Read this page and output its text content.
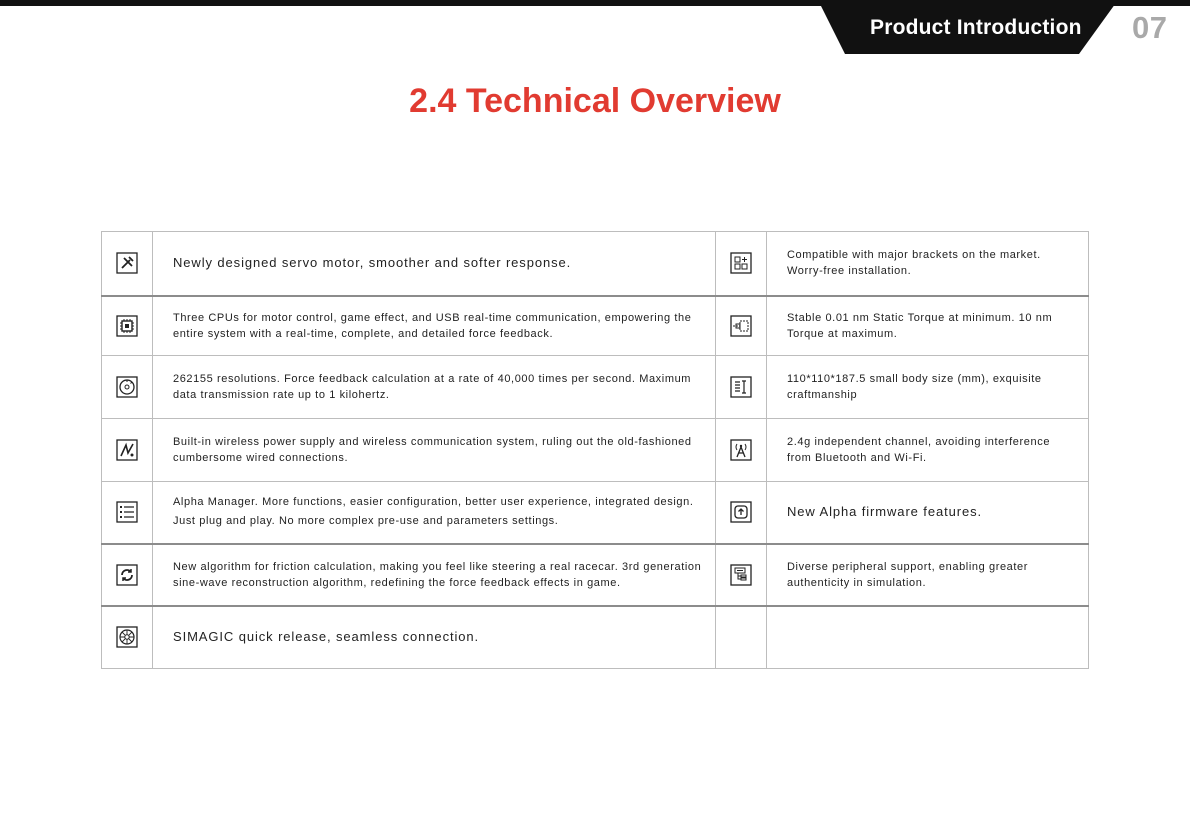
Product Introduction 07
2.4 Technical Overview
	Newly designed servo motor, smoother and softer response.		Compatible with major brackets on the market. Worry-free installation.

	Three CPUs for motor control, game effect, and USB real-time communication, empowering the entire system with a real-time, complete, and detailed force feedback.		Stable 0.01 nm Static Torque at minimum. 10 nm Torque at maximum.

	262155 resolutions. Force feedback calculation at a rate of 40,000 times per second. Maximum data transmission rate up to 1 kilohertz.		110*110*187.5 small body size (mm), exquisite craftmanship

	Built-in wireless power supply and wireless communication system, ruling out the old-fashioned cumbersome wired connections.		2.4g independent channel, avoiding interference from Bluetooth and Wi-Fi.

	Alpha Manager. More functions, easier configuration, better user experience, integrated design. Just plug and play. No more complex pre-use and parameters settings.		New Alpha firmware features.

	New algorithm for friction calculation, making you feel like steering a real racecar. 3rd generation sine-wave reconstruction algorithm, redefining the force feedback effects in game.		Diverse peripheral support, enabling greater authenticity in simulation.

	SIMAGIC quick release, seamless connection.		
